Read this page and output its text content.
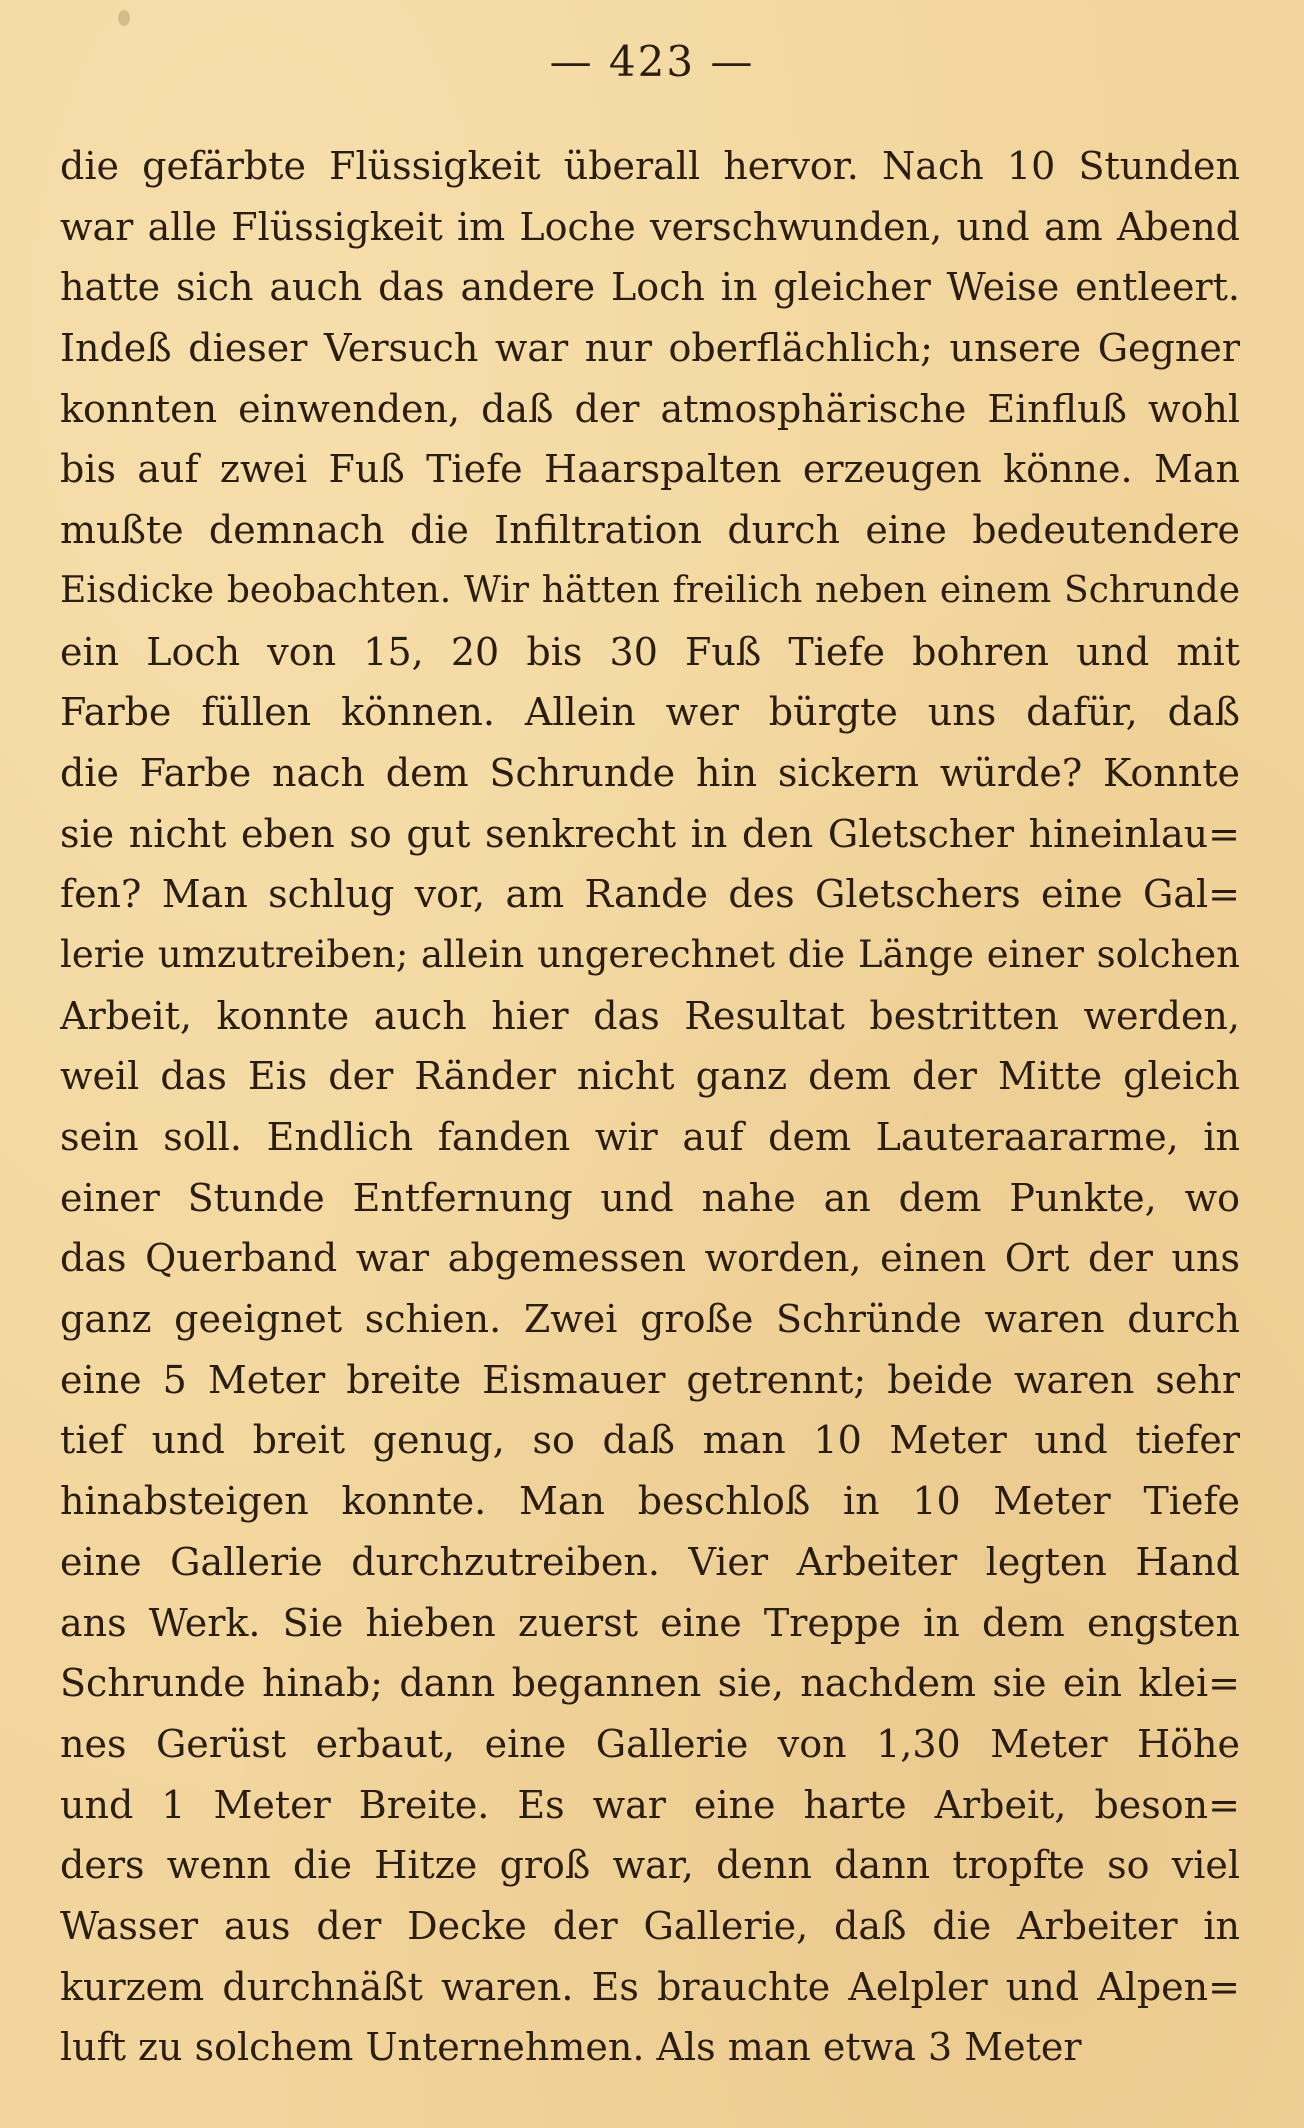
— 423 —
die gefärbte Flüssigkeit überall hervor. Nach 10 Stunden
war alle Flüssigkeit im Loche verschwunden, und am Abend
hatte sich auch das andere Loch in gleicher Weise entleert.
Indeß dieser Versuch war nur oberflächlich; unsere Gegner
konnten einwenden, daß der atmosphärische Einfluß wohl
bis auf zwei Fuß Tiefe Haarspalten erzeugen könne. Man
mußte demnach die Infiltration durch eine bedeutendere
Eisdicke beobachten. Wir hätten freilich neben einem Schrunde
ein Loch von 15, 20 bis 30 Fuß Tiefe bohren und mit
Farbe füllen können. Allein wer bürgte uns dafür, daß
die Farbe nach dem Schrunde hin sickern würde? Konnte
sie nicht eben so gut senkrecht in den Gletscher hineinlau=
fen? Man schlug vor, am Rande des Gletschers eine Gal=
lerie umzutreiben; allein ungerechnet die Länge einer solchen
Arbeit, konnte auch hier das Resultat bestritten werden,
weil das Eis der Ränder nicht ganz dem der Mitte gleich
sein soll. Endlich fanden wir auf dem Lauteraararme, in
einer Stunde Entfernung und nahe an dem Punkte, wo
das Querband war abgemessen worden, einen Ort der uns
ganz geeignet schien. Zwei große Schründe waren durch
eine 5 Meter breite Eismauer getrennt; beide waren sehr
tief und breit genug, so daß man 10 Meter und tiefer
hinabsteigen konnte. Man beschloß in 10 Meter Tiefe
eine Gallerie durchzutreiben. Vier Arbeiter legten Hand
ans Werk. Sie hieben zuerst eine Treppe in dem engsten
Schrunde hinab; dann begannen sie, nachdem sie ein klei=
nes Gerüst erbaut, eine Gallerie von 1,30 Meter Höhe
und 1 Meter Breite. Es war eine harte Arbeit, beson=
ders wenn die Hitze groß war, denn dann tropfte so viel
Wasser aus der Decke der Gallerie, daß die Arbeiter in
kurzem durchnäßt waren. Es brauchte Aelpler und Alpen=
luft zu solchem Unternehmen. Als man etwa 3 Meter
